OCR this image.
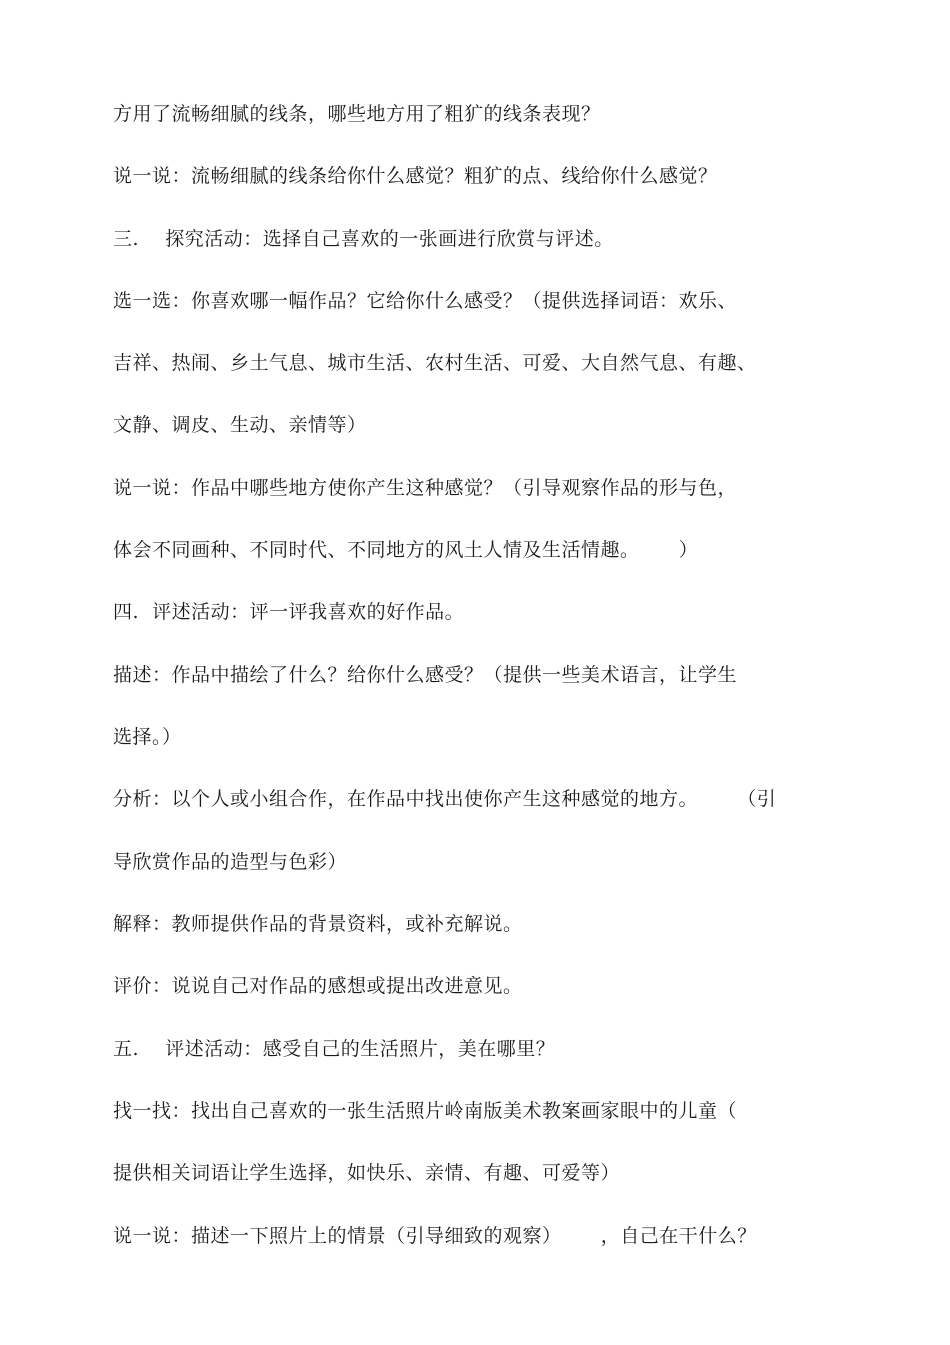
方用了流畅细腻的线条，哪些地方用了粗犷的线条表现？
说一说：流畅细腻的线条给你什么感觉？粗犷的点、线给你什么感觉？
三.    探究活动：选择自己喜欢的一张画进行欣赏与评述。
选一选：你喜欢哪一幅作品？它给你什么感受？（提供选择词语：欢乐、
吉祥、热闹、乡土气息、城市生活、农村生活、可爱、大自然气息、有趣、
文静、调皮、生动、亲情等）
说一说：作品中哪些地方使你产生这种感觉？（引导观察作品的形与色，
体会不同画种、不同时代、不同地方的风土人情及生活情趣。      ）
四.  评述活动：评一评我喜欢的好作品。
描述：作品中描绘了什么？给你什么感受？（提供一些美术语言，让学生
选择。）
分析：以个人或小组合作，在作品中找出使你产生这种感觉的地方。      （引
导欣赏作品的造型与色彩）
解释：教师提供作品的背景资料，或补充解说。
评价：说说自己对作品的感想或提出改进意见。
五.    评述活动：感受自己的生活照片，美在哪里？
找一找：找出自己喜欢的一张生活照片岭南版美术教案画家眼中的儿童（
提供相关词语让学生选择，如快乐、亲情、有趣、可爱等）
说一说：描述一下照片上的情景（引导细致的观察）      ，自己在干什么？
